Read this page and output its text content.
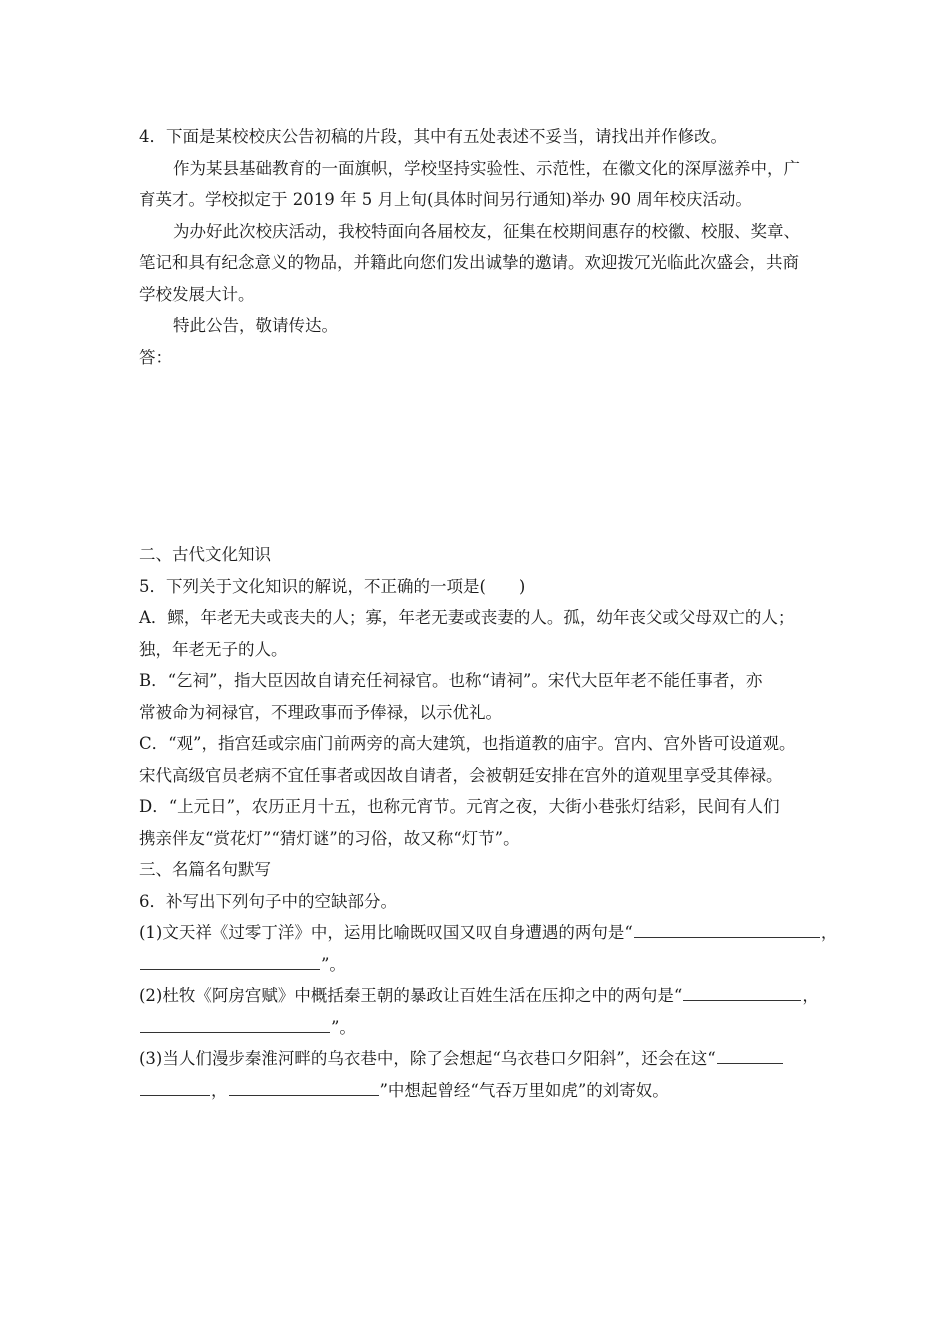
4．下面是某校校庆公告初稿的片段，其中有五处表述不妥当，请找出并作修改。
作为某县基础教育的一面旗帜，学校坚持实验性、示范性，在徽文化的深厚滋养中，广
育英才。学校拟定于 2019 年 5 月上旬(具体时间另行通知)举办 90 周年校庆活动。
为办好此次校庆活动，我校特面向各届校友，征集在校期间惠存的校徽、校服、奖章、
笔记和具有纪念意义的物品，并籍此向您们发出诚挚的邀请。欢迎拨冗光临此次盛会，共商
学校发展大计。
特此公告，敬请传达。
答：
二、古代文化知识
5．下列关于文化知识的解说，不正确的一项是(　　)
A．鳏，年老无夫或丧夫的人；寡，年老无妻或丧妻的人。孤，幼年丧父或父母双亡的人；
独，年老无子的人。
B．“乞祠”，指大臣因故自请充任祠禄官。也称“请祠”。宋代大臣年老不能任事者，亦
常被命为祠禄官，不理政事而予俸禄，以示优礼。
C．“观”，指宫廷或宗庙门前两旁的高大建筑，也指道教的庙宇。宫内、宫外皆可设道观。
宋代高级官员老病不宜任事者或因故自请者，会被朝廷安排在宫外的道观里享受其俸禄。
D．“上元日”，农历正月十五，也称元宵节。元宵之夜，大街小巷张灯结彩，民间有人们
携亲伴友“赏花灯”“猜灯谜”的习俗，故又称“灯节”。
三、名篇名句默写
6．补写出下列句子中的空缺部分。
(1)文天祥《过零丁洋》中，运用比喻既叹国又叹自身遭遇的两句是“	，
”。
(2)杜牧《阿房宫赋》中概括秦王朝的暴政让百姓生活在压抑之中的两句是“	，
”。
(3)当人们漫步秦淮河畔的乌衣巷中，除了会想起“乌衣巷口夕阳斜”，还会在这“
，	”中想起曾经“气吞万里如虎”的刘寄奴。
